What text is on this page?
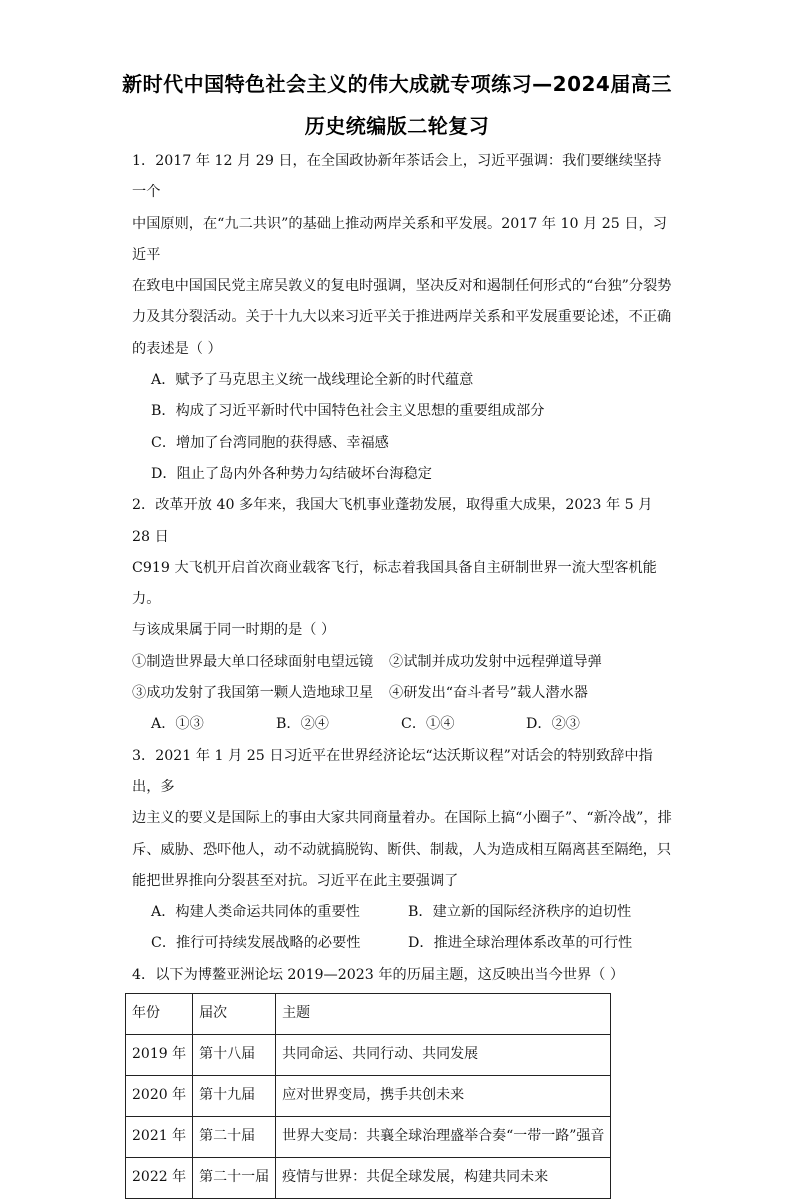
新时代中国特色社会主义的伟大成就专项练习—2024届高三
历史统编版二轮复习

1．2017 年 12 月 29 日，在全国政协新年茶话会上，习近平强调：我们要继续坚持一个

中国原则，在“九二共识”的基础上推动两岸关系和平发展。2017 年 10 月 25 日，习近平

在致电中国国民党主席吴敦义的复电时强调，坚决反对和遏制任何形式的“台独”分裂势

力及其分裂活动。关于十九大以来习近平关于推进两岸关系和平发展重要论述，不正确

的表述是（ ）

A．赋予了马克思主义统一战线理论全新的时代蕴意

B．构成了习近平新时代中国特色社会主义思想的重要组成部分

C．增加了台湾同胞的获得感、幸福感

D．阻止了岛内外各种势力勾结破坏台海稳定

2．改革开放 40 多年来，我国大飞机事业蓬勃发展，取得重大成果，2023 年 5 月 28 日

C919 大飞机开启首次商业载客飞行，标志着我国具备自主研制世界一流大型客机能力。

与该成果属于同一时期的是（ ）

①制造世界最大单口径球面射电望远镜	②试制并成功发射中远程弹道导弹
③成功发射了我国第一颗人造地球卫星	④研发出“奋斗者号”载人潜水器
A．①③	B．②④	C．①④	D．②③

3．2021 年 1 月 25 日习近平在世界经济论坛“达沃斯议程”对话会的特别致辞中指出，多

边主义的要义是国际上的事由大家共同商量着办。在国际上搞“小圈子”、“新冷战”，排

斥、威胁、恐吓他人，动不动就搞脱钩、断供、制裁，人为造成相互隔离甚至隔绝，只

能把世界推向分裂甚至对抗。习近平在此主要强调了

A．构建人类命运共同体的重要性	B．建立新的国际经济秩序的迫切性
C．推行可持续发展战略的必要性	D．推进全球治理体系改革的可行性

4．以下为博鳌亚洲论坛 2019—2023 年的历届主题，这反映出当今世界（ ）

年份	届次	主题
2019 年	第十八届	共同命运、共同行动、共同发展
2020 年	第十九届	应对世界变局，携手共创未来
2021 年	第二十届	世界大变局：共襄全球治理盛举合奏“一带一路”强音
2022 年	第二十一届	疫情与世界：共促全球发展，构建共同未来
